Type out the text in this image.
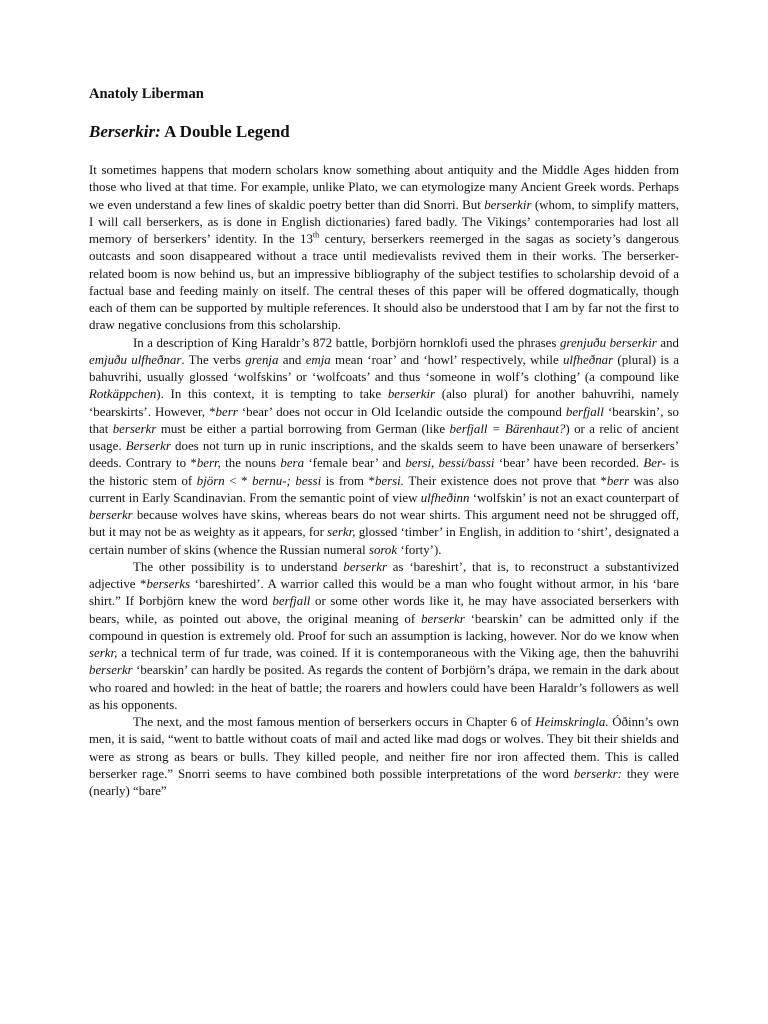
Anatoly Liberman

Berserkir: A Double Legend

It sometimes happens that modern scholars know something about antiquity and the Middle Ages hidden from those who lived at that time. For example, unlike Plato, we can etymologize many Ancient Greek words. Perhaps we even understand a few lines of skaldic poetry better than did Snorri. But berserkir (whom, to simplify matters, I will call berserkers, as is done in English dictionaries) fared badly. The Vikings’ contemporaries had lost all memory of berserkers’ identity. In the 13th century, berserkers reemerged in the sagas as society’s dangerous outcasts and soon disappeared without a trace until medievalists revived them in their works. The berserker-related boom is now behind us, but an impressive bibliography of the subject testifies to scholarship devoid of a factual base and feeding mainly on itself. The central theses of this paper will be offered dogmatically, though each of them can be supported by multiple references. It should also be understood that I am by far not the first to draw negative conclusions from this scholarship.

In a description of King Haraldr’s 872 battle, Þorbjörn hornklofi used the phrases grenjuðu berserkir and emjuðu ulfheðnar. The verbs grenja and emja mean ‘roar’ and ‘howl’ respectively, while ulfheðnar (plural) is a bahuvrihi, usually glossed ‘wolfskins’ or ‘wolfcoats’ and thus ‘someone in wolf’s clothing’ (a compound like Rotkäppchen). In this context, it is tempting to take berserkir (also plural) for another bahuvrihi, namely ‘bearskirts’. However, *berr ‘bear’ does not occur in Old Icelandic outside the compound berfjall ‘bearskin’, so that berserkr must be either a partial borrowing from German (like berfjall = Bärenhaut?) or a relic of ancient usage. Berserkr does not turn up in runic inscriptions, and the skalds seem to have been unaware of berserkers’ deeds. Contrary to *berr, the nouns bera ‘female bear’ and bersi, bessi/bassi ‘bear’ have been recorded. Ber- is the historic stem of björn < * bernu-; bessi is from *bersi. Their existence does not prove that *berr was also current in Early Scandinavian. From the semantic point of view ulfheðinn ‘wolfskin’ is not an exact counterpart of berserkr because wolves have skins, whereas bears do not wear shirts. This argument need not be shrugged off, but it may not be as weighty as it appears, for serkr, glossed ‘timber’ in English, in addition to ‘shirt’, designated a certain number of skins (whence the Russian numeral sorok ‘forty’).

The other possibility is to understand berserkr as ‘bareshirt’, that is, to reconstruct a substantivized adjective *berserks ‘bareshirted’. A warrior called this would be a man who fought without armor, in his ‘bare shirt.” If Þorbjörn knew the word berfjall or some other words like it, he may have associated berserkers with bears, while, as pointed out above, the original meaning of berserkr ‘bearskin’ can be admitted only if the compound in question is extremely old. Proof for such an assumption is lacking, however. Nor do we know when serkr, a technical term of fur trade, was coined. If it is contemporaneous with the Viking age, then the bahuvrihi berserkr ‘bearskin’ can hardly be posited. As regards the content of Þorbjörn’s drápa, we remain in the dark about who roared and howled: in the heat of battle; the roarers and howlers could have been Haraldr’s followers as well as his opponents.

The next, and the most famous mention of berserkers occurs in Chapter 6 of Heimskringla. Óðinn’s own men, it is said, “went to battle without coats of mail and acted like mad dogs or wolves. They bit their shields and were as strong as bears or bulls. They killed people, and neither fire nor iron affected them. This is called berserker rage.” Snorri seems to have combined both possible interpretations of the word berserkr: they were (nearly) “bare”
